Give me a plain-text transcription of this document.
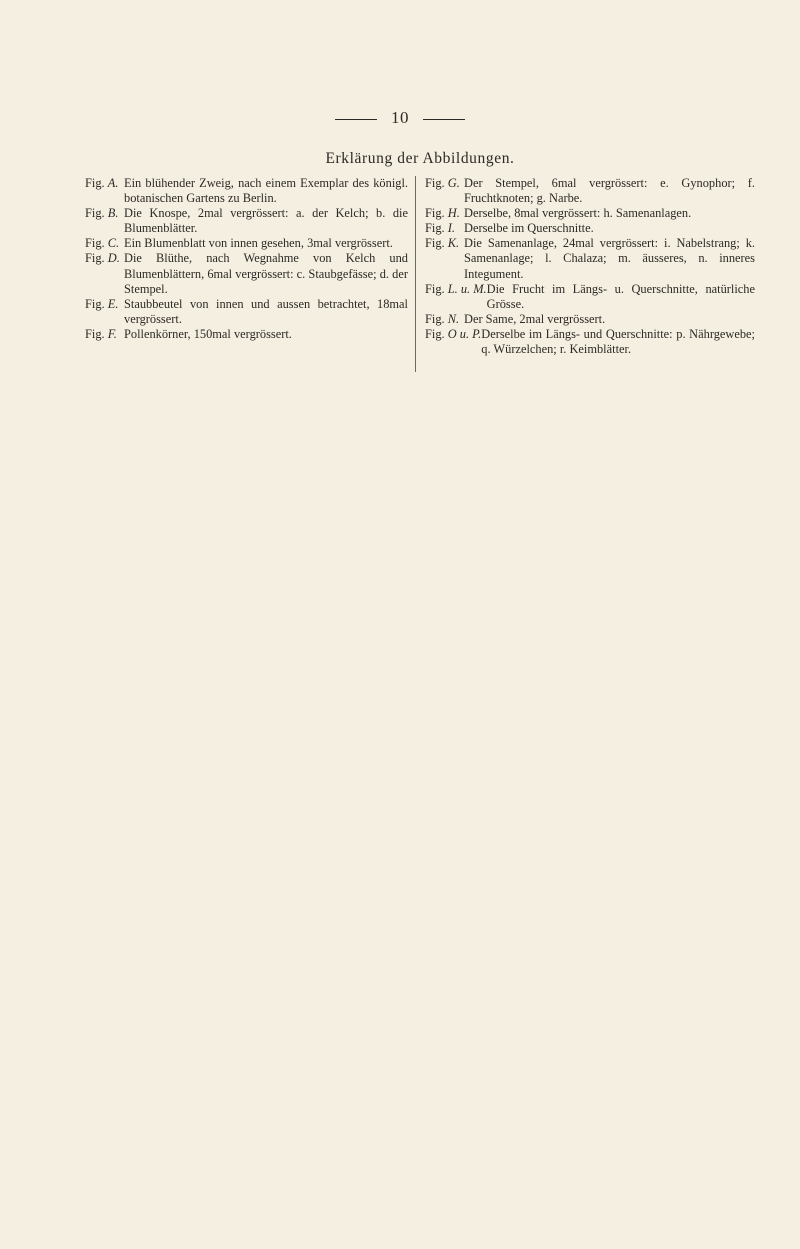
10
Erklärung der Abbildungen.
Fig. A. Ein blühender Zweig, nach einem Exemplar des königl. botanischen Gartens zu Berlin.
Fig. B. Die Knospe, 2mal vergrössert: a. der Kelch; b. die Blumenblätter.
Fig. C. Ein Blumenblatt von innen gesehen, 3mal vergrössert.
Fig. D. Die Blüthe, nach Wegnahme von Kelch und Blumenblättern, 6mal vergrössert: c. Staubgefässe; d. der Stempel.
Fig. E. Staubbeutel von innen und aussen betrachtet, 18mal vergrössert.
Fig. F. Pollenkörner, 150mal vergrössert.
Fig. G. Der Stempel, 6mal vergrössert: e. Gynophor; f. Fruchtknoten; g. Narbe.
Fig. H. Derselbe, 8mal vergrössert: h. Samenanlagen.
Fig. I. Derselbe im Querschnitte.
Fig. K. Die Samenanlage, 24mal vergrössert: i. Nabelstrang; k. Samenanlage; l. Chalaza; m. äusseres, n. inneres Integument.
Fig. L. u. M. Die Frucht im Längs- u. Querschnitte, natürliche Grösse.
Fig. N. Der Same, 2mal vergrössert.
Fig. O u. P. Derselbe im Längs- und Querschnitte: p. Nährgewebe; q. Würzelchen; r. Keimblätter.
